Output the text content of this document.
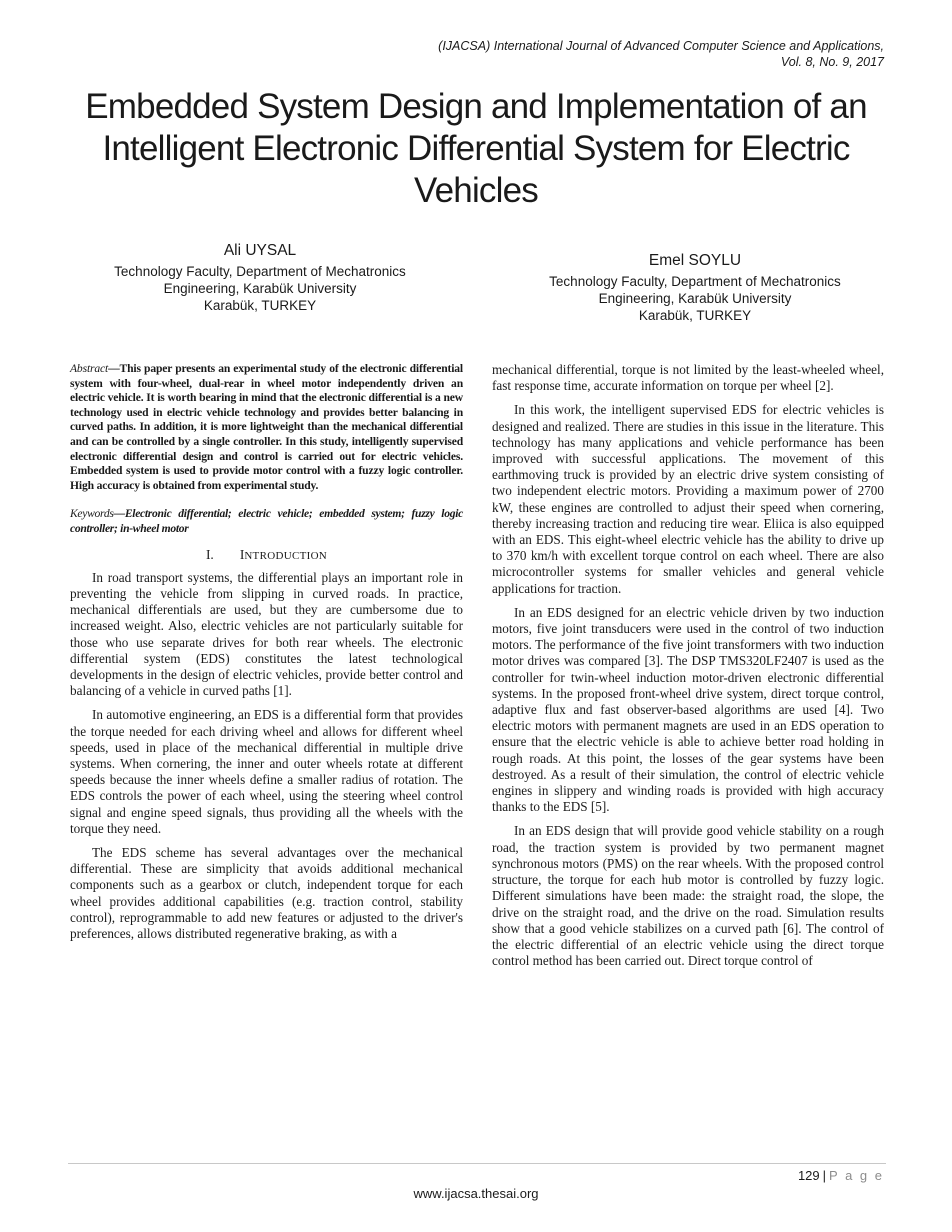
(IJACSA) International Journal of Advanced Computer Science and Applications,
Vol. 8, No. 9, 2017
Embedded System Design and Implementation of an Intelligent Electronic Differential System for Electric Vehicles
Ali UYSAL
Technology Faculty, Department of Mechatronics
Engineering, Karabük University
Karabük, TURKEY
Emel SOYLU
Technology Faculty, Department of Mechatronics
Engineering, Karabük University
Karabük, TURKEY

Abstract—This paper presents an experimental study of the electronic differential system with four-wheel, dual-rear in wheel motor independently driven an electric vehicle. It is worth bearing in mind that the electronic differential is a new technology used in electric vehicle technology and provides better balancing in curved paths. In addition, it is more lightweight than the mechanical differential and can be controlled by a single controller. In this study, intelligently supervised electronic differential design and control is carried out for electric vehicles. Embedded system is used to provide motor control with a fuzzy logic controller. High accuracy is obtained from experimental study.

Keywords—Electronic differential; electric vehicle; embedded system; fuzzy logic controller; in-wheel motor

I. INTRODUCTION

In road transport systems, the differential plays an important role in preventing the vehicle from slipping in curved roads. In practice, mechanical differentials are used, but they are cumbersome due to increased weight. Also, electric vehicles are not particularly suitable for those who use separate drives for both rear wheels. The electronic differential system (EDS) constitutes the latest technological developments in the design of electric vehicles, provide better control and balancing of a vehicle in curved paths [1].

In automotive engineering, an EDS is a differential form that provides the torque needed for each driving wheel and allows for different wheel speeds, used in place of the mechanical differential in multiple drive systems. When cornering, the inner and outer wheels rotate at different speeds because the inner wheels define a smaller radius of rotation. The EDS controls the power of each wheel, using the steering wheel control signal and engine speed signals, thus providing all the wheels with the torque they need.

The EDS scheme has several advantages over the mechanical differential. These are simplicity that avoids additional mechanical components such as a gearbox or clutch, independent torque for each wheel provides additional capabilities (e.g. traction control, stability control), reprogrammable to add new features or adjusted to the driver's preferences, allows distributed regenerative braking, as with a

mechanical differential, torque is not limited by the least-wheeled wheel, fast response time, accurate information on torque per wheel [2].

In this work, the intelligent supervised EDS for electric vehicles is designed and realized. There are studies in this issue in the literature. This technology has many applications and vehicle performance has been improved with successful applications. The movement of this earthmoving truck is provided by an electric drive system consisting of two independent electric motors. Providing a maximum power of 2700 kW, these engines are controlled to adjust their speed when cornering, thereby increasing traction and reducing tire wear. Eliica is also equipped with an EDS. This eight-wheel electric vehicle has the ability to drive up to 370 km/h with excellent torque control on each wheel. There are also microcontroller systems for smaller vehicles and general vehicle applications for traction.

In an EDS designed for an electric vehicle driven by two induction motors, five joint transducers were used in the control of two induction motors. The performance of the five joint transformers with two induction motor drives was compared [3]. The DSP TMS320LF2407 is used as the controller for twin-wheel induction motor-driven electronic differential systems. In the proposed front-wheel drive system, direct torque control, adaptive flux and fast observer-based algorithms are used [4]. Two electric motors with permanent magnets are used in an EDS operation to ensure that the electric vehicle is able to achieve better road holding in rough roads. At this point, the losses of the gear systems have been destroyed. As a result of their simulation, the control of electric vehicle engines in slippery and winding roads is provided with high accuracy thanks to the EDS [5].

In an EDS design that will provide good vehicle stability on a rough road, the traction system is provided by two permanent magnet synchronous motors (PMS) on the rear wheels. With the proposed control structure, the torque for each hub motor is controlled by fuzzy logic. Different simulations have been made: the straight road, the slope, the drive on the straight road, and the drive on the road. Simulation results show that a good vehicle stabilizes on a curved path [6]. The control of the electric differential of an electric vehicle using the direct torque control method has been carried out. Direct torque control of

129 | P a g e
www.ijacsa.thesai.org
